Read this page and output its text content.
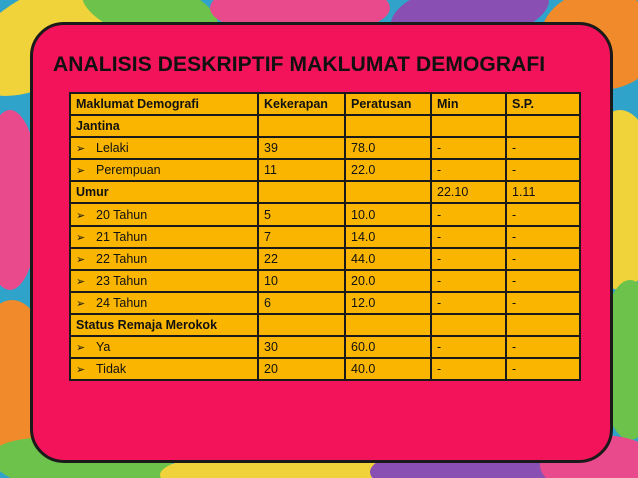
ANALISIS DESKRIPTIF MAKLUMAT DEMOGRAFI
Maklumat Demografi	Kekerapan	Peratusan	Min	S.P.
Jantina				
➢ Lelaki	39	78.0	-	-
➢ Perempuan	11	22.0	-	-
Umur			22.10	1.11
➢ 20 Tahun	5	10.0	-	-
➢ 21 Tahun	7	14.0	-	-
➢ 22 Tahun	22	44.0	-	-
➢ 23 Tahun	10	20.0	-	-
➢ 24 Tahun	6	12.0	-	-
Status Remaja Merokok				
➢ Ya	30	60.0	-	-
➢ Tidak	20	40.0	-	-
